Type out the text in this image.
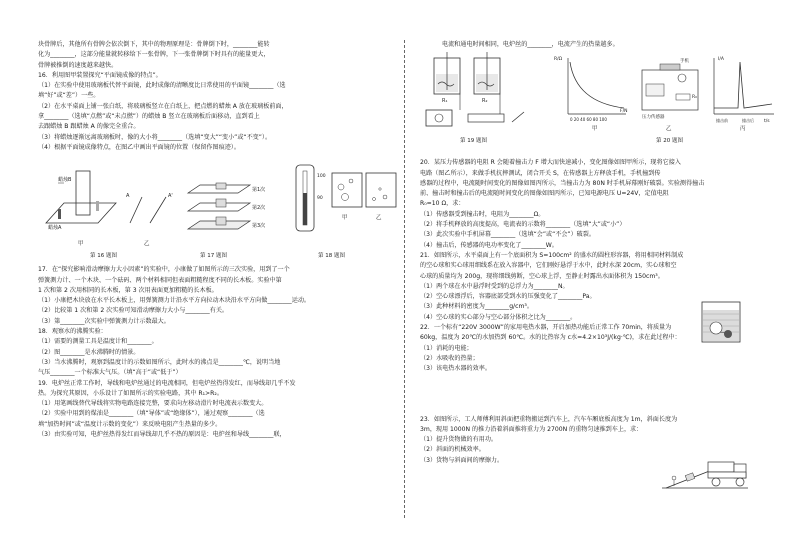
块骨牌后，其他所有骨牌会依次倒下，其中的物理原理是：骨牌倒下时，________能转
化为________，这部分能量就转移给下一张骨牌，下一张骨牌倒下时具有的能量更大，
骨牌被推倒的速度越来越快。
16．利用图甲装置探究“平面镜成像的特点”。
（1）在实验中使用玻璃板代替平面镜，此时成像的清晰度比日常使用的平面镜________（选
填“好”或“差”）一些。
（2）在水平桌面上铺一张白纸，将玻璃板竖立在白纸上，把点燃的蜡烛 A 放在玻璃板前面，
拿________（选填“点燃”或“未点燃”）的蜡烛 B 竖立在玻璃板后面移动，直到看上
去跟蜡烛 B 跟蜡烛 A 的像完全重合。
（3）将蜡烛逐渐远离玻璃板时，像的大小将________（选填“变大”“变小”或“不变”）。
（4）根据平面镜成像特点，在图乙中画出平面镜的位置（保留作图痕迹）。
蜡烛B
蜡烛A
A	A'
第1次
第2次
第3次
100
90
甲	乙
甲	乙
第 16 题图	第 17 题图	第 18 题图
17．在“探究影响滑动摩擦力大小因素”的实验中，小康做了如图所示的三次实验，用到了一个
弹簧测力计、一个木块、一个砝码、两个材料相同但表面粗糙程度不同的长木板。实验中第
1 次和第 2 次用相同的长木板，第 3 次用表面更加粗糙的长木板。
（1）小康把木块放在水平长木板上，用弹簧测力计沿水平方向拉动木块沿水平方向做________运动。
（2）比较第 1 次和第 2 次实验可知滑动摩擦力大小与________有关。
（3）第________次实验中弹簧测力计示数最大。
18．观察水的沸腾实验：
（1）需要的测量工具是温度计和________。
（2）图________是水沸腾时的情景。
（3）当水沸腾时，观察到温度计的示数如图所示，此时水的沸点是________℃，说明当地
气压________一个标准大气压。（填“高于”或“低于”）
19．电炉丝正常工作时，导线和电炉丝通过的电流相同，但电炉丝热得发红，而导线却几乎不发
热。为探究其原因，小乐设计了如图所示的实验电路，其中 R₁>R₂。
（1）用笔画线替代导线将实物电路连接完整，要求向左移动滑片时电流表示数变大。
（2）实验中用到的煤油是________（填“导体”或“绝缘体”），通过观察________（选
填“加热时间”或“温度计示数的变化”）来反映电阻产生热量的多少。
（3）由实验可知，电炉丝热得发红而导线却几乎不热的原因是：电炉丝和导线________联，
电流和通电时间相同，电炉丝的________，电流产生的热量越多。
R₁	R₂
0 20 40 60 80 100
R/Ω
F/N
手机
压力传感器
R₀
I/A
t/s
撞击前	撞击后
甲	乙	丙
第 19 题图	第 20 题图
20．某压力传感器的电阻 R 会随着撞击力 F 增大而快速减小，变化图像如图甲所示，现将它接入
电路（图乙所示），来做手机抗摔测试，闭合开关 S，在传感器上方释放手机，手机撞到传
感器的过程中，电流随时间变化的图像如图丙所示，当撞击力为 80N 时手机屏幕刚好破裂。实验测得撞击
前、撞击时和撞击后的电流随时间变化的图像如图丙所示，已知电源电压 U=24V，定值电阻
R₀=10 Ω，求：
（1）传感器受到撞击时，电阻为________Ω。
（2）将手机释放的高度提高，电流表的示数将________（选填“大”或“小”）
（3）此次实验中手机屏幕________（选填“会”或“不会”）破裂。
（4）撞击后，传感器的电功率变化了________W。
21．如图所示，水平桌面上有一个底面积为 S=100cm² 的盛水的圆柱形容器，将用相同材料制成
的空心球和实心球用细线系在放入容器中，它们刚好悬浮于水中，此时水深 20cm，实心球和空
心球的质量均为 200g，现将细线剪断，空心球上浮，至静止时露出水面体积为 150cm³。
（1）两个球在水中悬浮时受到的总浮力为________N。
（2）空心球漂浮后，容器底部受到水的压强变化了________Pa。
（3）此种材料的密度为________g/cm³。
（4）空心球的实心部分与空心部分体积之比为________。
22．一个标有“220V 3000W”的家用电热水器，开启加热功能后正常工作 70min，将质量为
60kg，温度为 20℃的水加热到 60℃。水的比热容为 c水=4.2×10³J/(kg·℃)，求在此过程中：
（1）消耗的电能；
（2）水吸收的热量；
（3）该电热水器的效率。
23．如图所示，工人师傅利用斜面把重物搬运到汽车上，汽车车厢底板高度为 1m，斜面长度为
3m，现用 1000N 的推力沿着斜面推将重力为 2700N 的重物匀速推到车上，求：
（1）提升货物做的有用功。
（2）斜面的机械效率。
（3）货物与斜面间的摩擦力。
